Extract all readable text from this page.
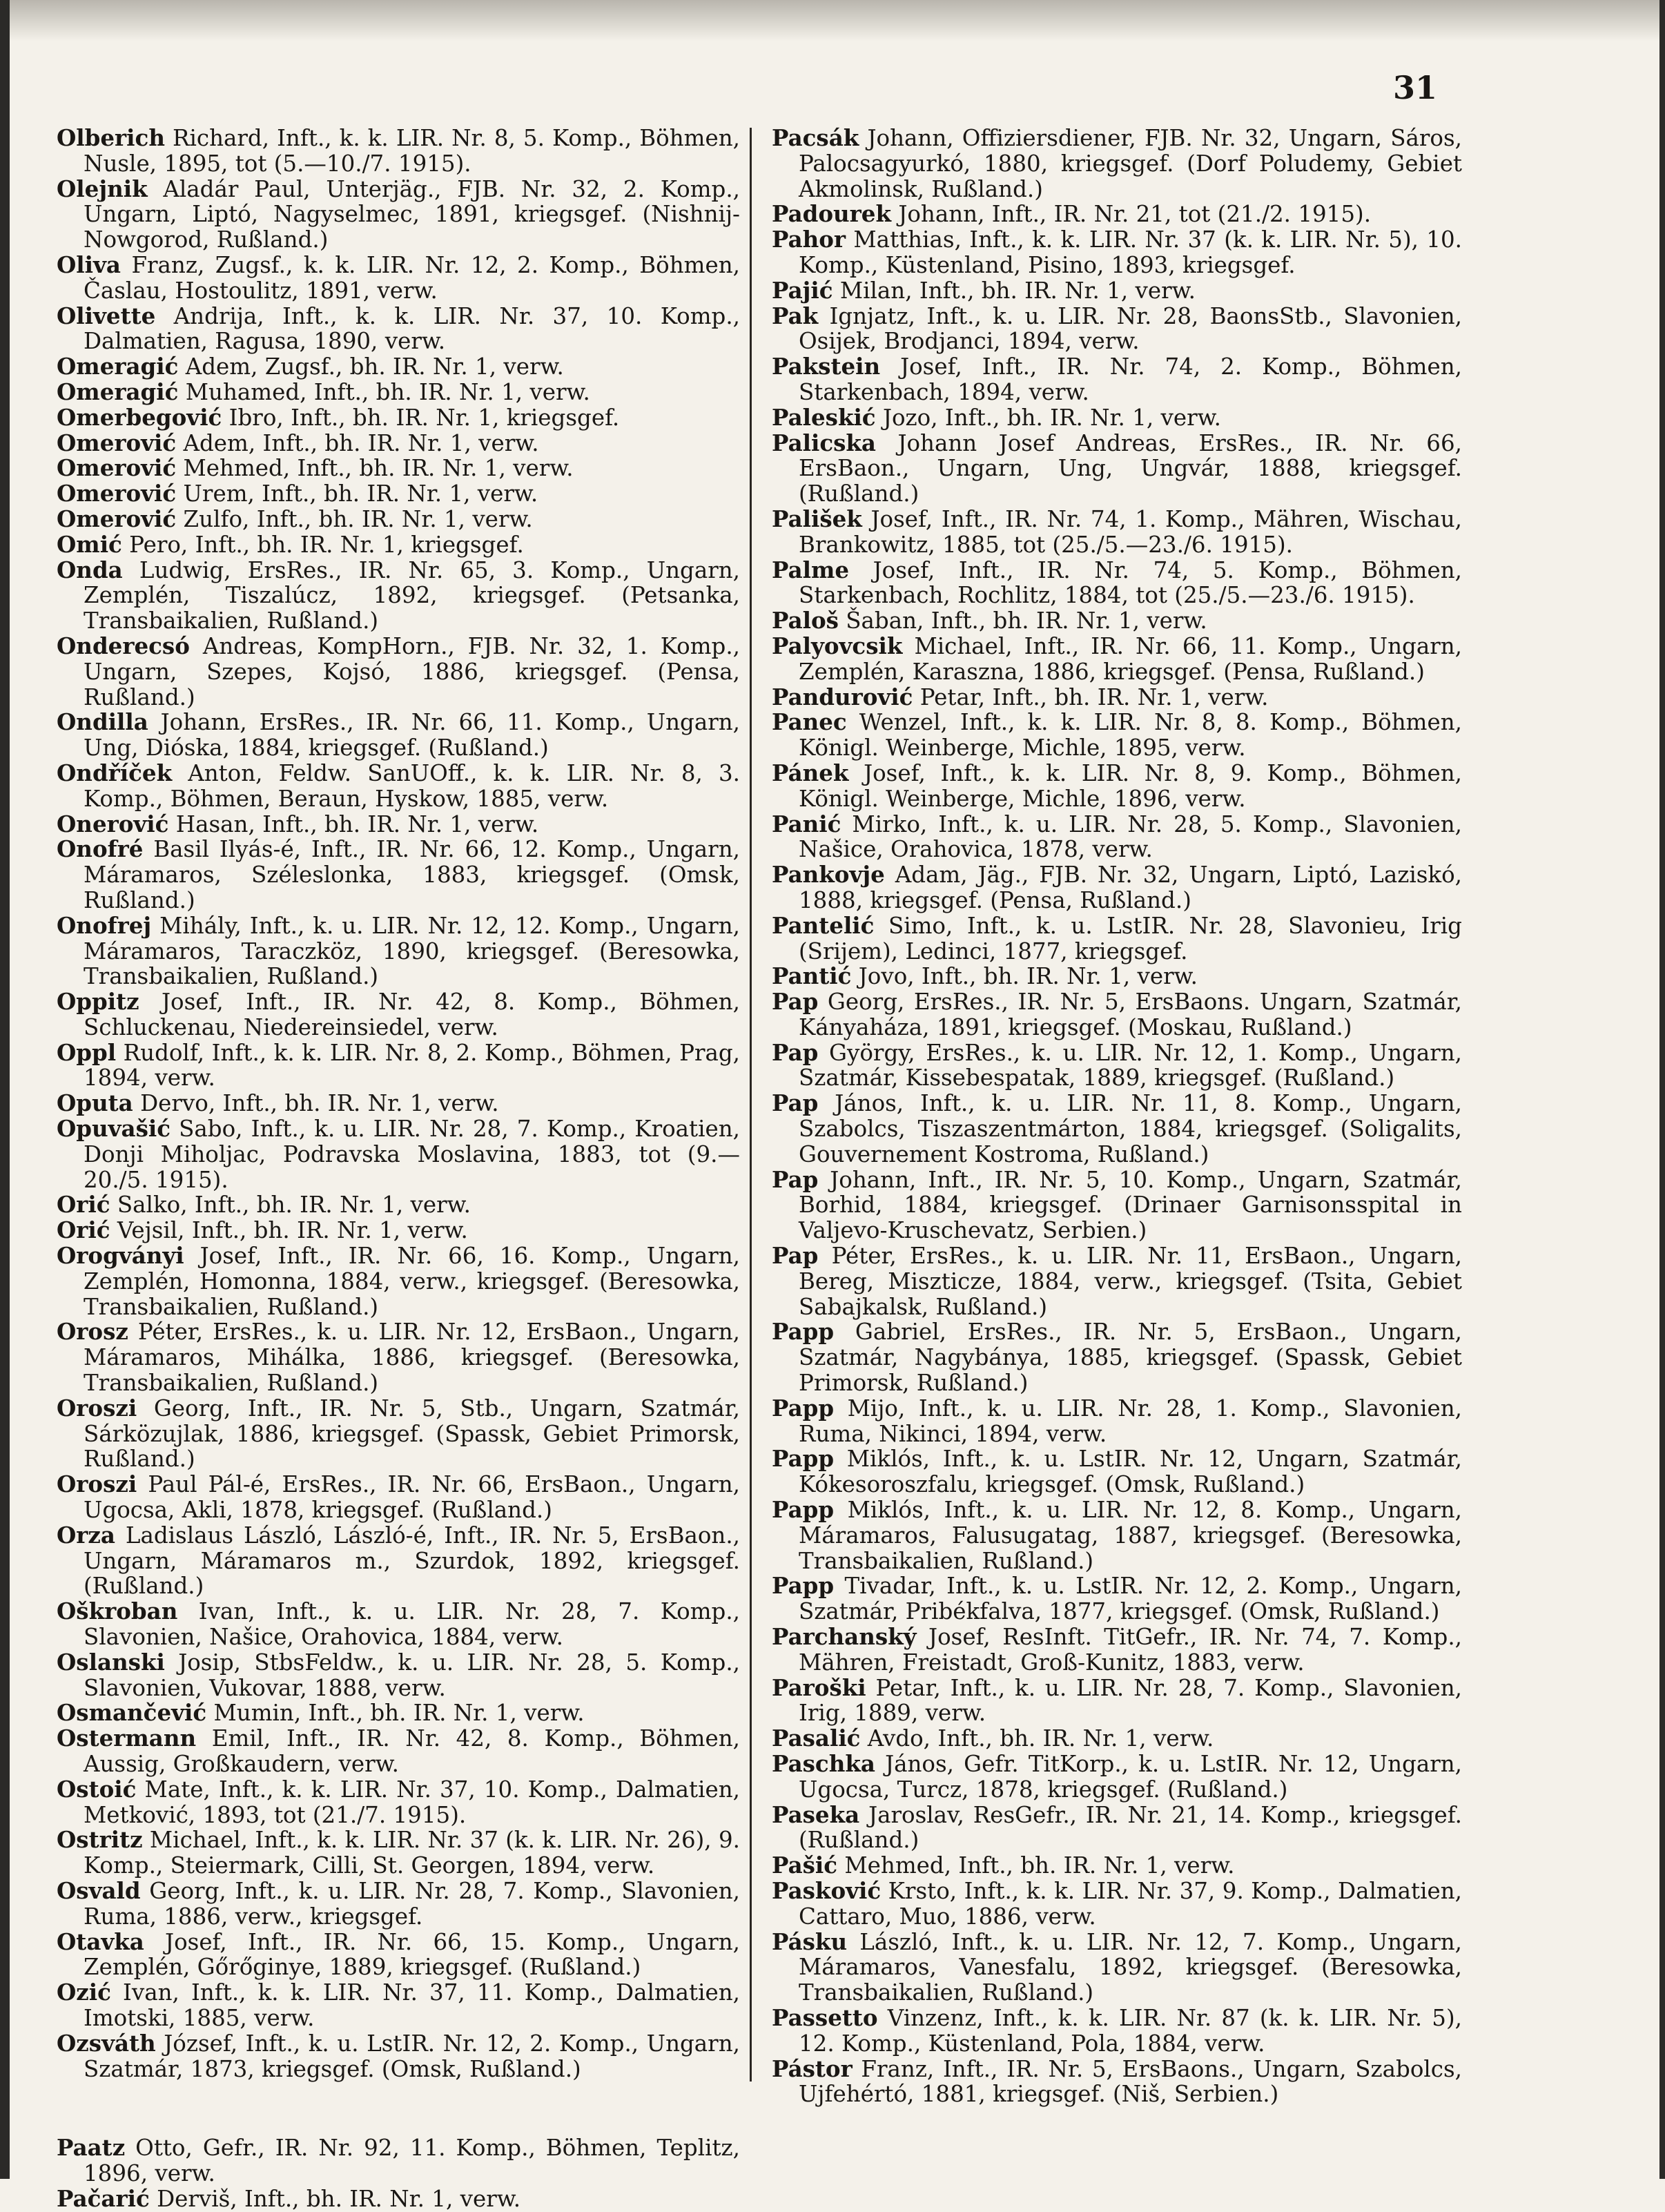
31

Olberich Richard, Inft., k. k. LIR. Nr. 8, 5. Komp., Böhmen, Nusle, 1895, tot (5.—10./7. 1915).

Olejnik Aladár Paul, Unterjäg., FJB. Nr. 32, 2. Komp., Ungarn, Liptó, Nagyselmec, 1891, kriegsgef. (Nishnij-Nowgorod, Rußland.)

Oliva Franz, Zugsf., k. k. LIR. Nr. 12, 2. Komp., Böhmen, Časlau, Hostoulitz, 1891, verw.

Olivette Andrija, Inft., k. k. LIR. Nr. 37, 10. Komp., Dalmatien, Ragusa, 1890, verw.

Omeragić Adem, Zugsf., bh. IR. Nr. 1, verw.

Omeragić Muhamed, Inft., bh. IR. Nr. 1, verw.

Omerbegović Ibro, Inft., bh. IR. Nr. 1, kriegsgef.

Omerović Adem, Inft., bh. IR. Nr. 1, verw.

Omerović Mehmed, Inft., bh. IR. Nr. 1, verw.

Omerović Urem, Inft., bh. IR. Nr. 1, verw.

Omerović Zulfo, Inft., bh. IR. Nr. 1, verw.

Omić Pero, Inft., bh. IR. Nr. 1, kriegsgef.

Onda Ludwig, ErsRes., IR. Nr. 65, 3. Komp., Ungarn, Zemplén, Tiszalúcz, 1892, kriegsgef. (Petsanka, Transbaikalien, Rußland.)

Onderecsó Andreas, KompHorn., FJB. Nr. 32, 1. Komp., Ungarn, Szepes, Kojsó, 1886, kriegsgef. (Pensa, Rußland.)

Ondilla Johann, ErsRes., IR. Nr. 66, 11. Komp., Ungarn, Ung, Dióska, 1884, kriegsgef. (Rußland.)

Ondříček Anton, Feldw. SanUOff., k. k. LIR. Nr. 8, 3. Komp., Böhmen, Beraun, Hyskow, 1885, verw.

Onerović Hasan, Inft., bh. IR. Nr. 1, verw.

Onofré Basil Ilyás-é, Inft., IR. Nr. 66, 12. Komp., Ungarn, Máramaros, Széleslonka, 1883, kriegsgef. (Omsk, Rußland.)

Onofrej Mihály, Inft., k. u. LIR. Nr. 12, 12. Komp., Ungarn, Máramaros, Taraczköz, 1890, kriegsgef. (Beresowka, Transbaikalien, Rußland.)

Oppitz Josef, Inft., IR. Nr. 42, 8. Komp., Böhmen, Schluckenau, Niedereinsiedel, verw.

Oppl Rudolf, Inft., k. k. LIR. Nr. 8, 2. Komp., Böhmen, Prag, 1894, verw.

Oputa Dervo, Inft., bh. IR. Nr. 1, verw.

Opuvašić Sabo, Inft., k. u. LIR. Nr. 28, 7. Komp., Kroatien, Donji Miholjac, Podravska Moslavina, 1883, tot (9.—20./5. 1915).

Orić Salko, Inft., bh. IR. Nr. 1, verw.

Orić Vejsil, Inft., bh. IR. Nr. 1, verw.

Orogványi Josef, Inft., IR. Nr. 66, 16. Komp., Ungarn, Zemplén, Homonna, 1884, verw., kriegsgef. (Beresowka, Transbaikalien, Rußland.)

Orosz Péter, ErsRes., k. u. LIR. Nr. 12, ErsBaon., Ungarn, Máramaros, Mihálka, 1886, kriegsgef. (Beresowka, Transbaikalien, Rußland.)

Oroszi Georg, Inft., IR. Nr. 5, Stb., Ungarn, Szatmár, Sárközujlak, 1886, kriegsgef. (Spassk, Gebiet Primorsk, Rußland.)

Oroszi Paul Pál-é, ErsRes., IR. Nr. 66, ErsBaon., Ungarn, Ugocsa, Akli, 1878, kriegsgef. (Rußland.)

Orza Ladislaus László, László-é, Inft., IR. Nr. 5, ErsBaon., Ungarn, Máramaros m., Szurdok, 1892, kriegsgef. (Rußland.)

Oškroban Ivan, Inft., k. u. LIR. Nr. 28, 7. Komp., Slavonien, Našice, Orahovica, 1884, verw.

Oslanski Josip, StbsFeldw., k. u. LIR. Nr. 28, 5. Komp., Slavonien, Vukovar, 1888, verw.

Osmančević Mumin, Inft., bh. IR. Nr. 1, verw.

Ostermann Emil, Inft., IR. Nr. 42, 8. Komp., Böhmen, Aussig, Großkaudern, verw.

Ostoić Mate, Inft., k. k. LIR. Nr. 37, 10. Komp., Dalmatien, Metković, 1893, tot (21./7. 1915).

Ostritz Michael, Inft., k. k. LIR. Nr. 37 (k. k. LIR. Nr. 26), 9. Komp., Steiermark, Cilli, St. Georgen, 1894, verw.

Osvald Georg, Inft., k. u. LIR. Nr. 28, 7. Komp., Slavonien, Ruma, 1886, verw., kriegsgef.

Otavka Josef, Inft., IR. Nr. 66, 15. Komp., Ungarn, Zemplén, Gőrőginye, 1889, kriegsgef. (Rußland.)

Ozić Ivan, Inft., k. k. LIR. Nr. 37, 11. Komp., Dalmatien, Imotski, 1885, verw.

Ozsváth József, Inft., k. u. LstIR. Nr. 12, 2. Komp., Ungarn, Szatmár, 1873, kriegsgef. (Omsk, Rußland.)

Paatz Otto, Gefr., IR. Nr. 92, 11. Komp., Böhmen, Teplitz, 1896, verw.

Pačarić Derviš, Inft., bh. IR. Nr. 1, verw.

Pacsák Johann, Offiziersdiener, FJB. Nr. 32, Ungarn, Sáros, Palocsagyurkó, 1880, kriegsgef. (Dorf Poludemy, Gebiet Akmolinsk, Rußland.)

Padourek Johann, Inft., IR. Nr. 21, tot (21./2. 1915).

Pahor Matthias, Inft., k. k. LIR. Nr. 37 (k. k. LIR. Nr. 5), 10. Komp., Küstenland, Pisino, 1893, kriegsgef.

Pajić Milan, Inft., bh. IR. Nr. 1, verw.

Pak Ignjatz, Inft., k. u. LIR. Nr. 28, BaonsStb., Slavonien, Osijek, Brodjanci, 1894, verw.

Pakstein Josef, Inft., IR. Nr. 74, 2. Komp., Böhmen, Starkenbach, 1894, verw.

Paleskić Jozo, Inft., bh. IR. Nr. 1, verw.

Palicska Johann Josef Andreas, ErsRes., IR. Nr. 66, ErsBaon., Ungarn, Ung, Ungvár, 1888, kriegsgef. (Rußland.)

Pališek Josef, Inft., IR. Nr. 74, 1. Komp., Mähren, Wischau, Brankowitz, 1885, tot (25./5.—23./6. 1915).

Palme Josef, Inft., IR. Nr. 74, 5. Komp., Böhmen, Starkenbach, Rochlitz, 1884, tot (25./5.—23./6. 1915).

Paloš Šaban, Inft., bh. IR. Nr. 1, verw.

Palyovcsik Michael, Inft., IR. Nr. 66, 11. Komp., Ungarn, Zemplén, Karaszna, 1886, kriegsgef. (Pensa, Rußland.)

Pandurović Petar, Inft., bh. IR. Nr. 1, verw.

Panec Wenzel, Inft., k. k. LIR. Nr. 8, 8. Komp., Böhmen, Königl. Weinberge, Michle, 1895, verw.

Pánek Josef, Inft., k. k. LIR. Nr. 8, 9. Komp., Böhmen, Königl. Weinberge, Michle, 1896, verw.

Panić Mirko, Inft., k. u. LIR. Nr. 28, 5. Komp., Slavonien, Našice, Orahovica, 1878, verw.

Pankovje Adam, Jäg., FJB. Nr. 32, Ungarn, Liptó, Laziskó, 1888, kriegsgef. (Pensa, Rußland.)

Pantelić Simo, Inft., k. u. LstIR. Nr. 28, Slavonieu, Irig (Srijem), Ledinci, 1877, kriegsgef.

Pantić Jovo, Inft., bh. IR. Nr. 1, verw.

Pap Georg, ErsRes., IR. Nr. 5, ErsBaons. Ungarn, Szatmár, Kányaháza, 1891, kriegsgef. (Moskau, Rußland.)

Pap György, ErsRes., k. u. LIR. Nr. 12, 1. Komp., Ungarn, Szatmár, Kissebespatak, 1889, kriegsgef. (Rußland.)

Pap János, Inft., k. u. LIR. Nr. 11, 8. Komp., Ungarn, Szabolcs, Tiszaszentmárton, 1884, kriegsgef. (Soligalits, Gouvernement Kostroma, Rußland.)

Pap Johann, Inft., IR. Nr. 5, 10. Komp., Ungarn, Szatmár, Borhid, 1884, kriegsgef. (Drinaer Garnisonsspital in Valjevo-Kruschevatz, Serbien.)

Pap Péter, ErsRes., k. u. LIR. Nr. 11, ErsBaon., Ungarn, Bereg, Miszticze, 1884, verw., kriegsgef. (Tsita, Gebiet Sabajkalsk, Rußland.)

Papp Gabriel, ErsRes., IR. Nr. 5, ErsBaon., Ungarn, Szatmár, Nagybánya, 1885, kriegsgef. (Spassk, Gebiet Primorsk, Rußland.)

Papp Mijo, Inft., k. u. LIR. Nr. 28, 1. Komp., Slavonien, Ruma, Nikinci, 1894, verw.

Papp Miklós, Inft., k. u. LstIR. Nr. 12, Ungarn, Szatmár, Kókesoroszfalu, kriegsgef. (Omsk, Rußland.)

Papp Miklós, Inft., k. u. LIR. Nr. 12, 8. Komp., Ungarn, Máramaros, Falusugatag, 1887, kriegsgef. (Beresowka, Transbaikalien, Rußland.)

Papp Tivadar, Inft., k. u. LstIR. Nr. 12, 2. Komp., Ungarn, Szatmár, Pribékfalva, 1877, kriegsgef. (Omsk, Rußland.)

Parchanský Josef, ResInft. TitGefr., IR. Nr. 74, 7. Komp., Mähren, Freistadt, Groß-Kunitz, 1883, verw.

Paroški Petar, Inft., k. u. LIR. Nr. 28, 7. Komp., Slavonien, Irig, 1889, verw.

Pasalić Avdo, Inft., bh. IR. Nr. 1, verw.

Paschka János, Gefr. TitKorp., k. u. LstIR. Nr. 12, Ungarn, Ugocsa, Turcz, 1878, kriegsgef. (Rußland.)

Paseka Jaroslav, ResGefr., IR. Nr. 21, 14. Komp., kriegsgef. (Rußland.)

Pašić Mehmed, Inft., bh. IR. Nr. 1, verw.

Pasković Krsto, Inft., k. k. LIR. Nr. 37, 9. Komp., Dalmatien, Cattaro, Muo, 1886, verw.

Pásku László, Inft., k. u. LIR. Nr. 12, 7. Komp., Ungarn, Máramaros, Vanesfalu, 1892, kriegsgef. (Beresowka, Transbaikalien, Rußland.)

Passetto Vinzenz, Inft., k. k. LIR. Nr. 87 (k. k. LIR. Nr. 5), 12. Komp., Küstenland, Pola, 1884, verw.

Pástor Franz, Inft., IR. Nr. 5, ErsBaons., Ungarn, Szabolcs, Ujfehértó, 1881, kriegsgef. (Niš, Serbien.)
